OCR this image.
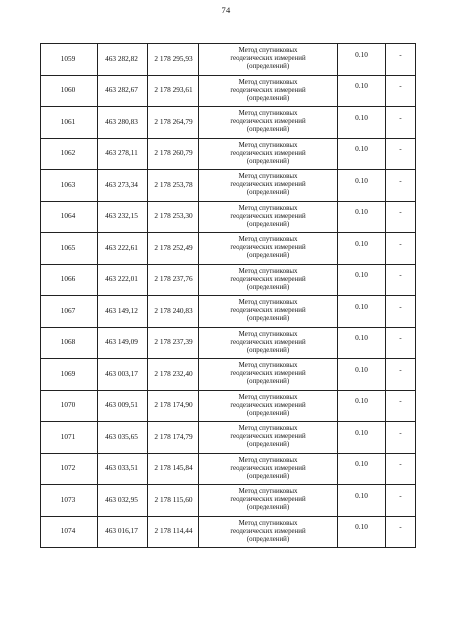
74
1059	463 282,82	2 178 295,93	Метод спутниковых
геодезических измерений
(определений)	0.10	-
1060	463 282,67	2 178 293,61	Метод спутниковых
геодезических измерений
(определений)	0.10	-
1061	463 280,83	2 178 264,79	Метод спутниковых
геодезических измерений
(определений)	0.10	-
1062	463 278,11	2 178 260,79	Метод спутниковых
геодезических измерений
(определений)	0.10	-
1063	463 273,34	2 178 253,78	Метод спутниковых
геодезических измерений
(определений)	0.10	-
1064	463 232,15	2 178 253,30	Метод спутниковых
геодезических измерений
(определений)	0.10	-
1065	463 222,61	2 178 252,49	Метод спутниковых
геодезических измерений
(определений)	0.10	-
1066	463 222,01	2 178 237,76	Метод спутниковых
геодезических измерений
(определений)	0.10	-
1067	463 149,12	2 178 240,83	Метод спутниковых
геодезических измерений
(определений)	0.10	-
1068	463 149,09	2 178 237,39	Метод спутниковых
геодезических измерений
(определений)	0.10	-
1069	463 003,17	2 178 232,40	Метод спутниковых
геодезических измерений
(определений)	0.10	-
1070	463 009,51	2 178 174,90	Метод спутниковых
геодезических измерений
(определений)	0.10	-
1071	463 035,65	2 178 174,79	Метод спутниковых
геодезических измерений
(определений)	0.10	-
1072	463 033,51	2 178 145,84	Метод спутниковых
геодезических измерений
(определений)	0.10	-
1073	463 032,95	2 178 115,60	Метод спутниковых
геодезических измерений
(определений)	0.10	-
1074	463 016,17	2 178 114,44	Метод спутниковых
геодезических измерений
(определений)	0.10	-
